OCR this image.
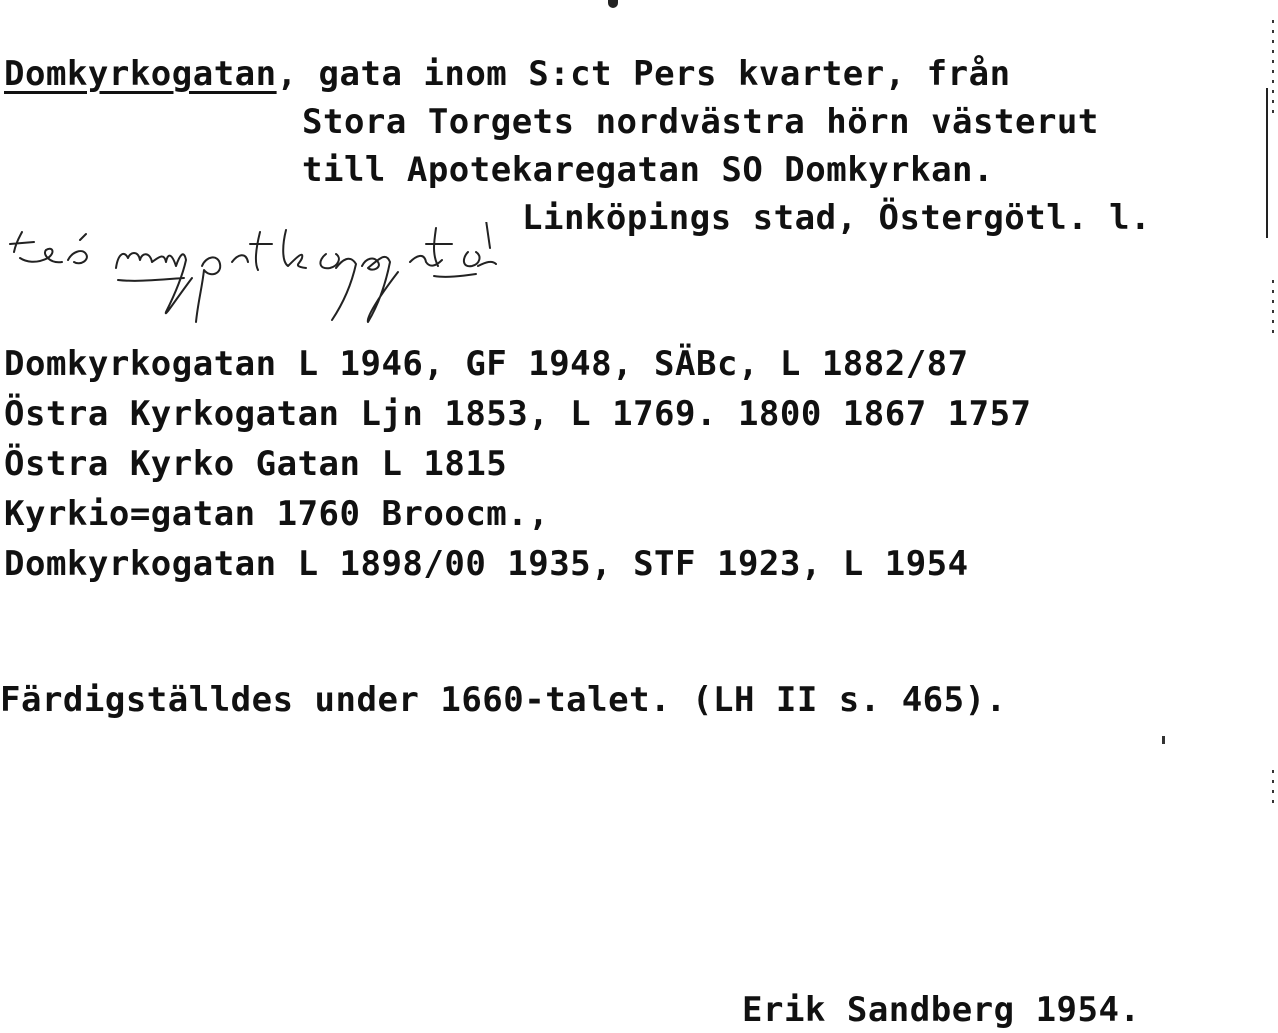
Domkyrkogatan, gata inom S:ct Pers kvarter, från
Stora Torgets nordvästra hörn västerut
till Apotekaregatan SO Domkyrkan.
Linköpings stad, Östergötl. l.
Domkyrkogatan L 1946, GF 1948, SÄBc, L 1882/87
Östra Kyrkogatan Ljn 1853, L 1769. 1800 1867 1757
Östra Kyrko Gatan L 1815
Kyrkio=gatan 1760 Broocm.,
Domkyrkogatan L 1898/00 1935, STF 1923, L 1954
Färdigställdes under 1660-talet. (LH II s. 465).
Erik Sandberg 1954.
